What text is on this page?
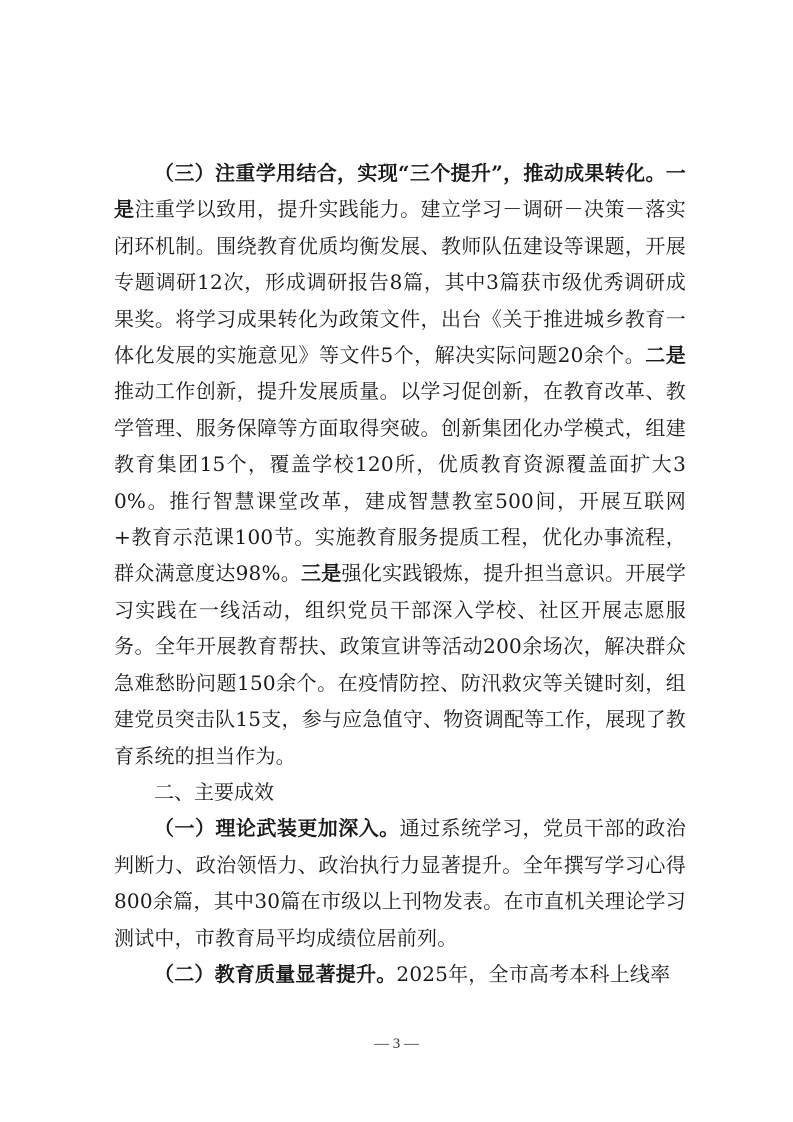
（三）注重学用结合，实现“三个提升”，推动成果转化。一是注重学以致用，提升实践能力。建立学习－调研－决策－落实闭环机制。围绕教育优质均衡发展、教师队伍建设等课题，开展专题调研12次，形成调研报告8篇，其中3篇获市级优秀调研成果奖。将学习成果转化为政策文件，出台《关于推进城乡教育一体化发展的实施意见》等文件5个，解决实际问题20余个。二是推动工作创新，提升发展质量。以学习促创新，在教育改革、教学管理、服务保障等方面取得突破。创新集团化办学模式，组建教育集团15个，覆盖学校120所，优质教育资源覆盖面扩大30%。推行智慧课堂改革，建成智慧教室500间，开展互联网+教育示范课100节。实施教育服务提质工程，优化办事流程，群众满意度达98%。三是强化实践锻炼，提升担当意识。开展学习实践在一线活动，组织党员干部深入学校、社区开展志愿服务。全年开展教育帮扶、政策宣讲等活动200余场次，解决群众急难愁盼问题150余个。在疫情防控、防汛救灾等关键时刻，组建党员突击队15支，参与应急值守、物资调配等工作，展现了教育系统的担当作为。

二、主要成效

（一）理论武装更加深入。通过系统学习，党员干部的政治判断力、政治领悟力、政治执行力显著提升。全年撰写学习心得800余篇，其中30篇在市级以上刊物发表。在市直机关理论学习测试中，市教育局平均成绩位居前列。

（二）教育质量显著提升。2025年，全市高考本科上线率

— 3 —
